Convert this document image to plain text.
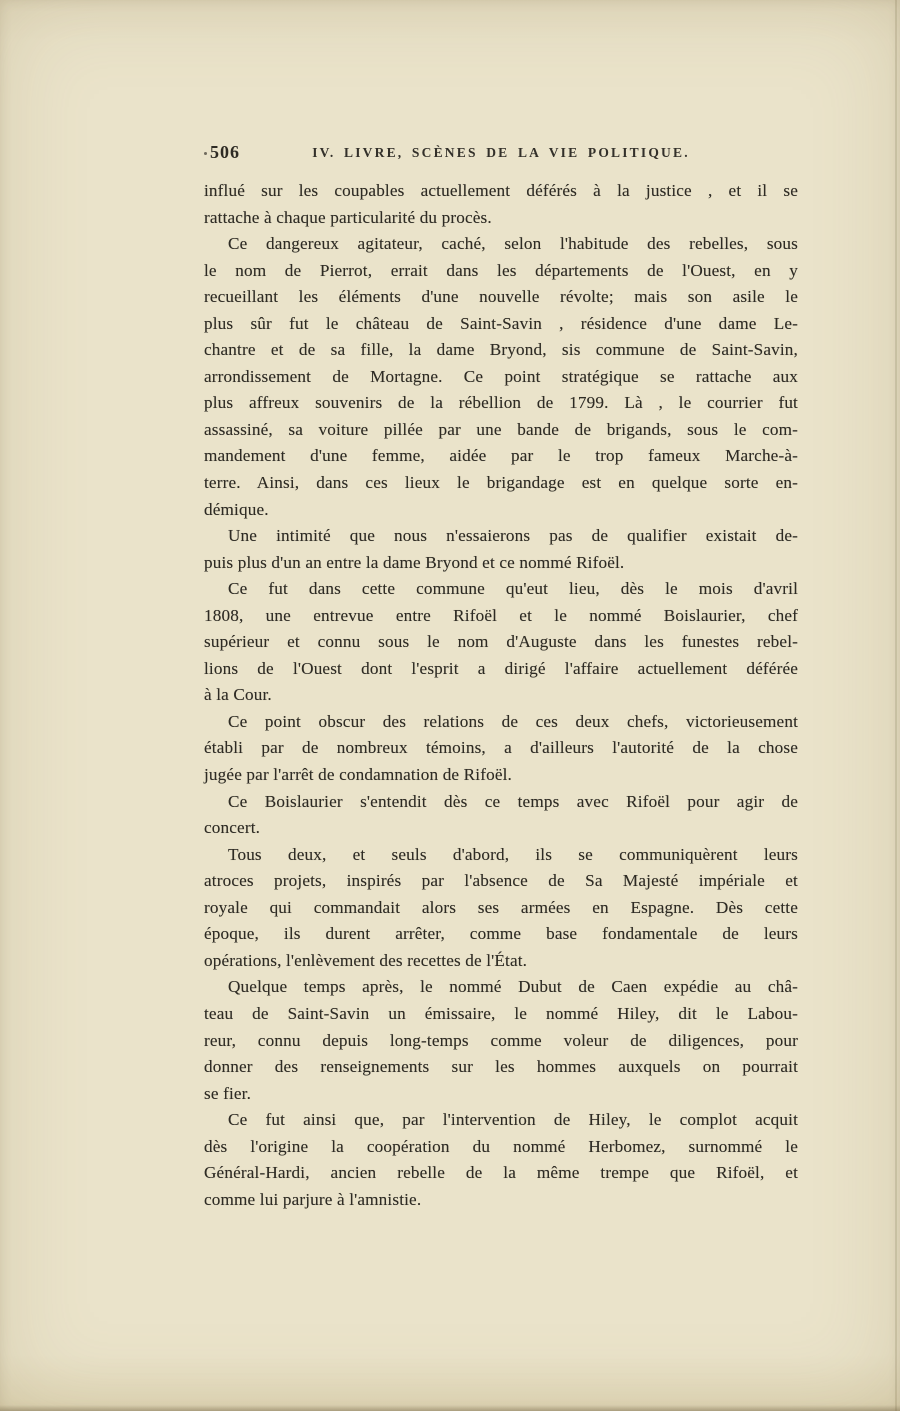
506	IV. LIVRE, SCÈNES DE LA VIE POLITIQUE.

influé sur les coupables actuellement déférés à la justice , et il se
rattache à chaque particularité du procès.

Ce dangereux agitateur, caché, selon l'habitude des rebelles, sous
le nom de Pierrot, errait dans les départements de l'Ouest, en y
recueillant les éléments d'une nouvelle révolte; mais son asile le
plus sûr fut le château de Saint-Savin , résidence d'une dame Le-
chantre et de sa fille, la dame Bryond, sis commune de Saint-Savin,
arrondissement de Mortagne. Ce point stratégique se rattache aux
plus affreux souvenirs de la rébellion de 1799. Là , le courrier fut
assassiné, sa voiture pillée par une bande de brigands, sous le com-
mandement d'une femme, aidée par le trop fameux Marche-à-
terre. Ainsi, dans ces lieux le brigandage est en quelque sorte en-
démique.

Une intimité que nous n'essaierons pas de qualifier existait de-
puis plus d'un an entre la dame Bryond et ce nommé Rifoël.

Ce fut dans cette commune qu'eut lieu, dès le mois d'avril
1808, une entrevue entre Rifoël et le nommé Boislaurier, chef
supérieur et connu sous le nom d'Auguste dans les funestes rebel-
lions de l'Ouest dont l'esprit a dirigé l'affaire actuellement déférée
à la Cour.

Ce point obscur des relations de ces deux chefs, victorieusement
établi par de nombreux témoins, a d'ailleurs l'autorité de la chose
jugée par l'arrêt de condamnation de Rifoël.

Ce Boislaurier s'entendit dès ce temps avec Rifoël pour agir de
concert.

Tous deux, et seuls d'abord, ils se communiquèrent leurs
atroces projets, inspirés par l'absence de Sa Majesté impériale et
royale qui commandait alors ses armées en Espagne. Dès cette
époque, ils durent arrêter, comme base fondamentale de leurs
opérations, l'enlèvement des recettes de l'État.

Quelque temps après, le nommé Dubut de Caen expédie au châ-
teau de Saint-Savin un émissaire, le nommé Hiley, dit le Labou-
reur, connu depuis long-temps comme voleur de diligences, pour
donner des renseignements sur les hommes auxquels on pourrait
se fier.

Ce fut ainsi que, par l'intervention de Hiley, le complot acquit
dès l'origine la coopération du nommé Herbomez, surnommé le
Général-Hardi, ancien rebelle de la même trempe que Rifoël, et
comme lui parjure à l'amnistie.
